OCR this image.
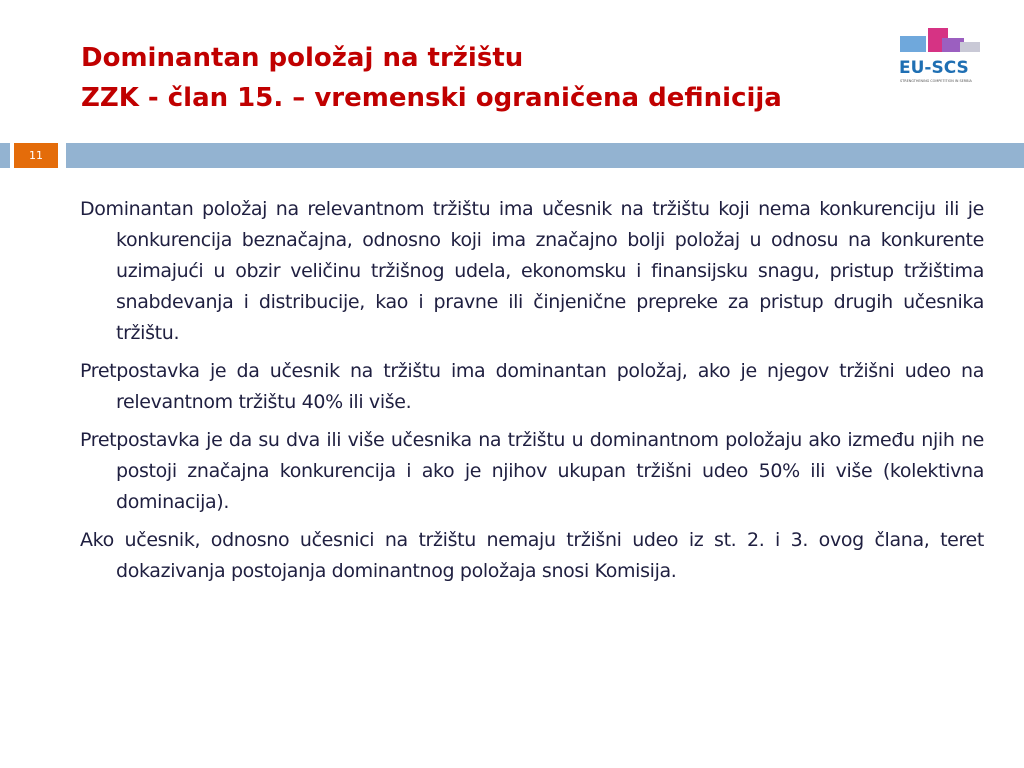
Dominantan položaj na tržištu
ZZK - član 15. – vremenski ograničena definicija
EU-SCS
STRENGTHENING COMPETITION IN SERBIA
11

Dominantan položaj na relevantnom tržištu ima učesnik na tržištu koji nema konkurenciju ili je konkurencija beznačajna, odnosno koji ima značajno bolji položaj u odnosu na konkurente uzimajući u obzir veličinu tržišnog udela, ekonomsku i finansijsku snagu, pristup tržištima snabdevanja i distribucije, kao i pravne ili činjenične prepreke za pristup drugih učesnika tržištu.

Pretpostavka je da učesnik na tržištu ima dominantan položaj, ako je njegov tržišni udeo na relevantnom tržištu 40% ili više.

Pretpostavka je da su dva ili više učesnika na tržištu u dominantnom položaju ako između njih ne postoji značajna konkurencija i ako je njihov ukupan tržišni udeo 50% ili više (kolektivna dominacija).

Ako učesnik, odnosno učesnici na tržištu nemaju tržišni udeo iz st. 2. i 3. ovog člana, teret dokazivanja postojanja dominantnog položaja snosi Komisija.
